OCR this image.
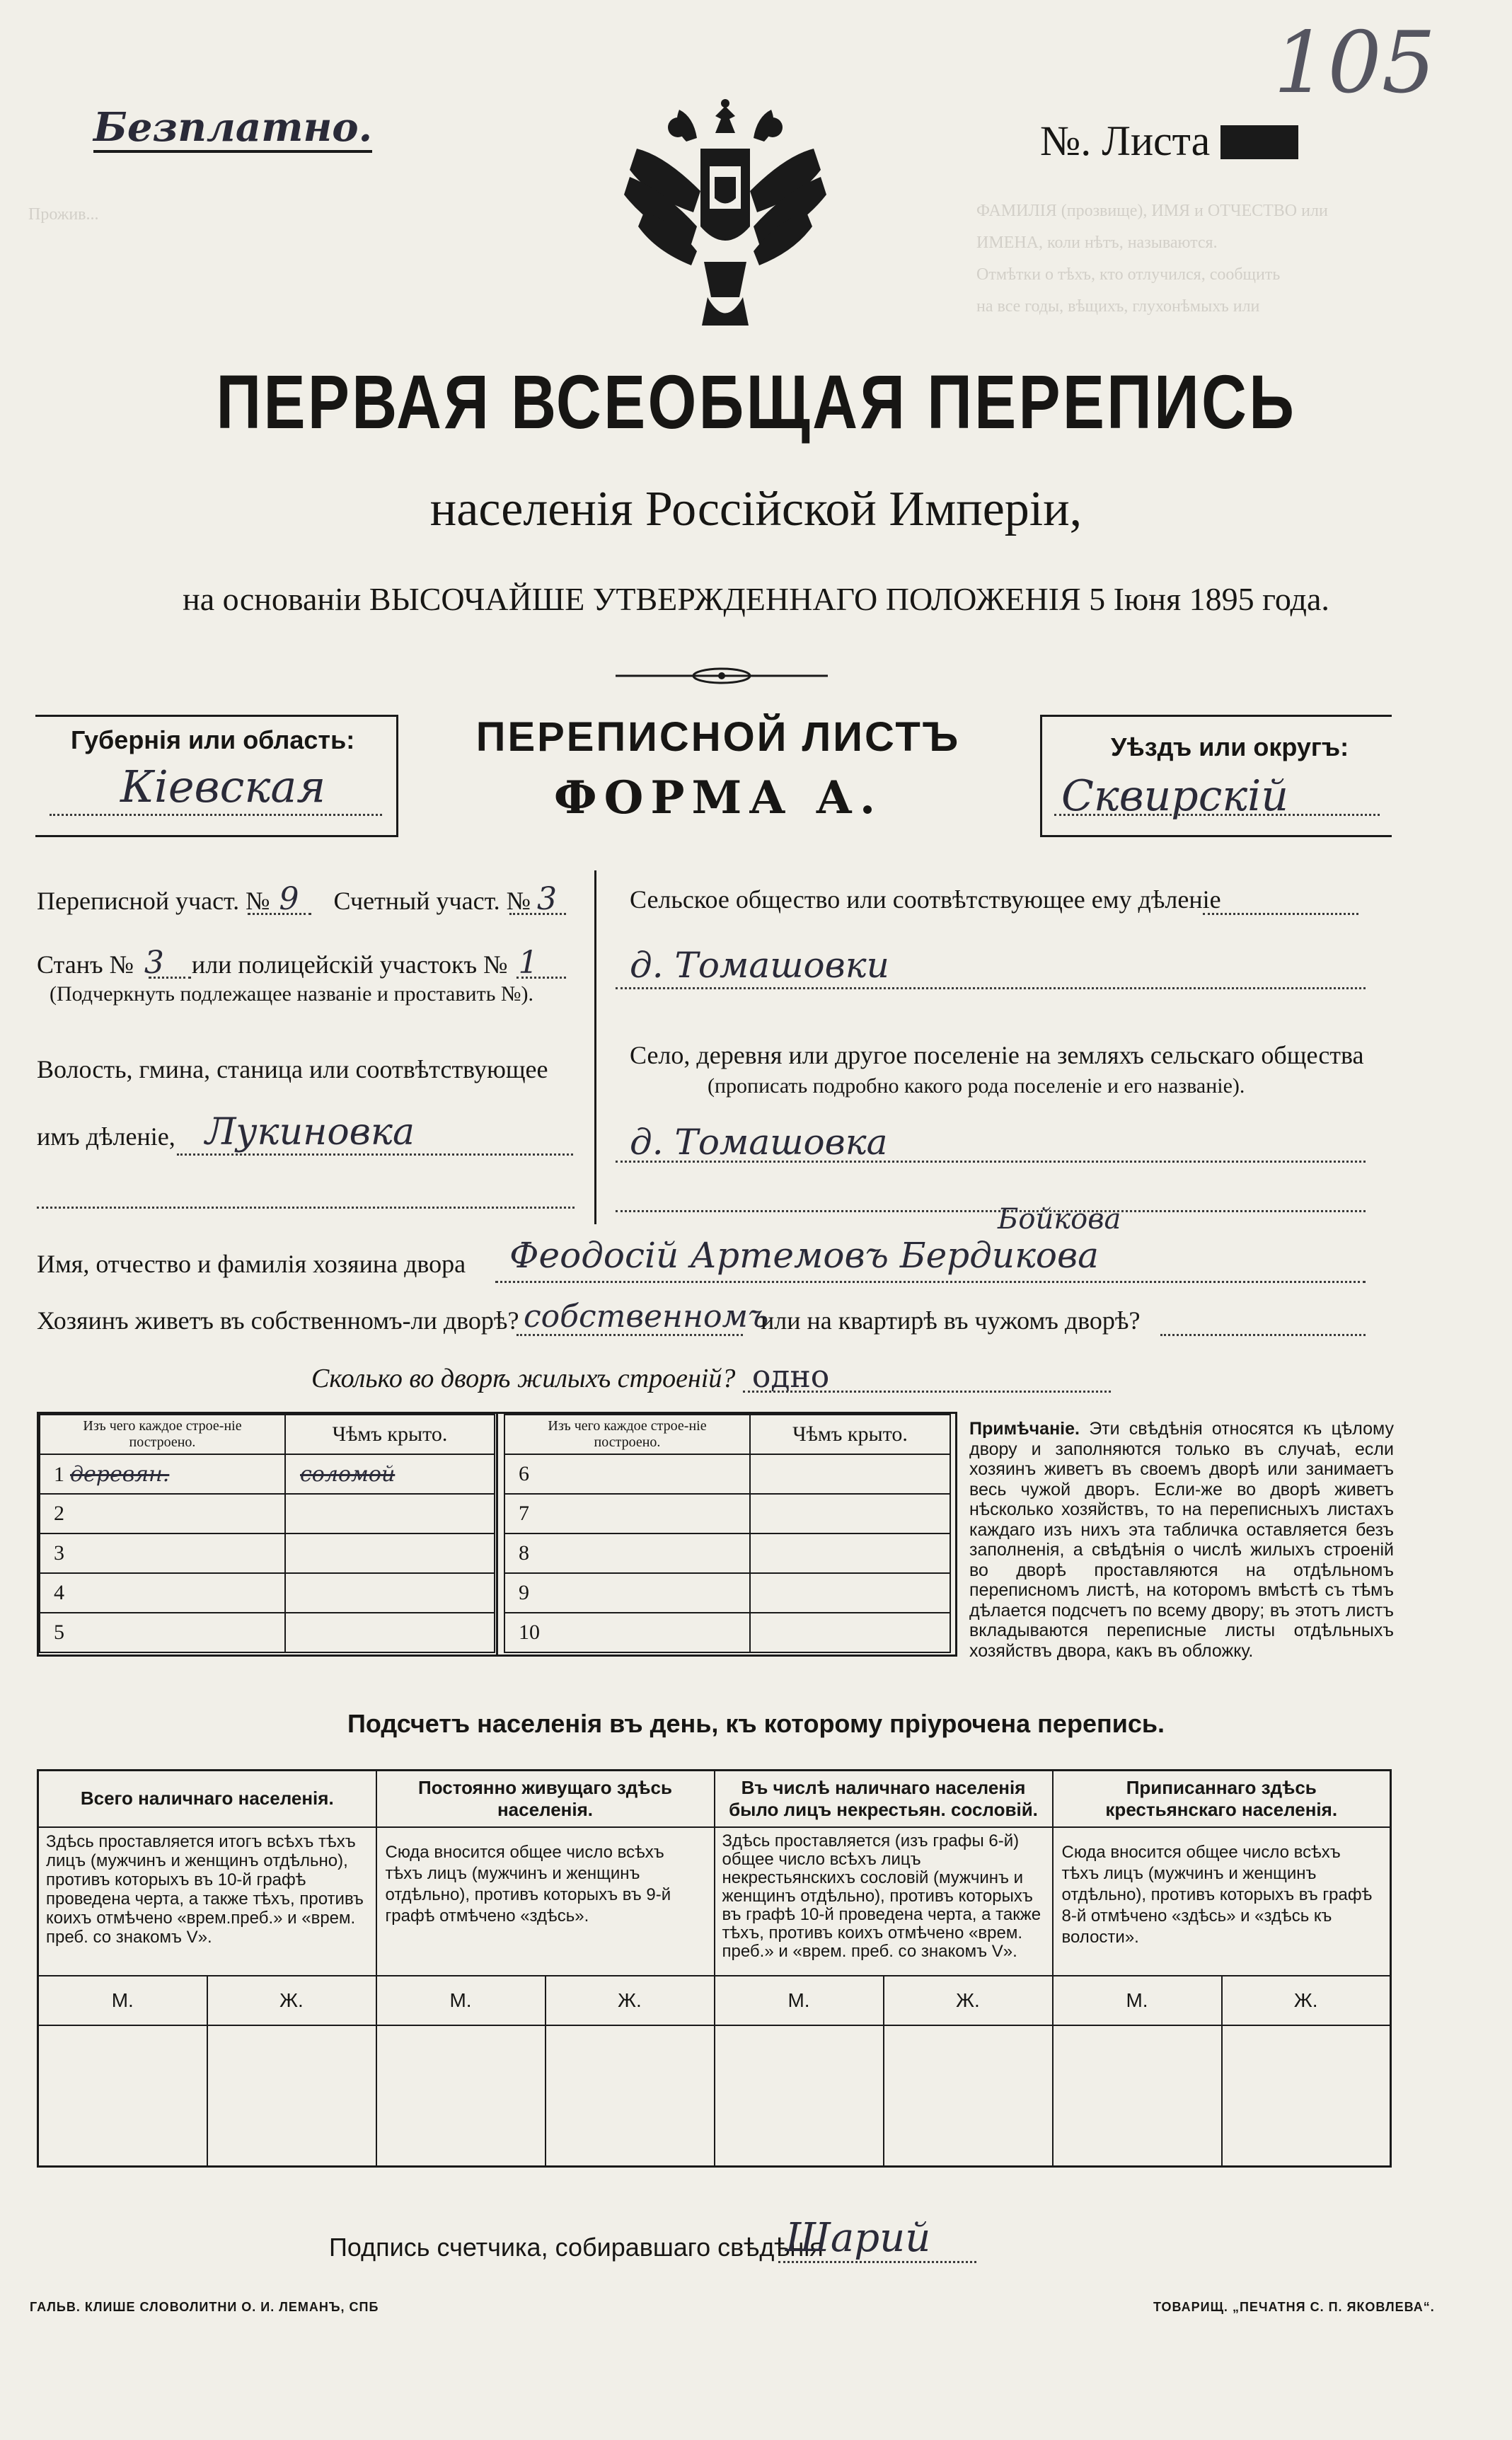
Прожив...	ФАМИЛІЯ (прозвище), ИМЯ и ОТЧЕСТВО или
ИМЕНА, коли нѣтъ, называются.
Отмѣтки о тѣхъ, кто отлучился, сообщить
на все годы, вѣщихъ, глухонѣмыхъ или
Безплатно.	№. Листа
105
ПЕРВАЯ ВСЕОБЩАЯ ПЕРЕПИСЬ
населенія Россійской Имперіи,
на основаніи ВЫСОЧАЙШЕ УТВЕРЖДЕННАГО ПОЛОЖЕНІЯ 5 Іюня 1895 года.
Губернія или область:
Кіевская
ПЕРЕПИСНОЙ ЛИСТЪ
ФОРМА А.
Уѣздъ или округъ:
Сквирскій
Переписной участ. № 9 Счетный участ. № 3
Станъ № 3 или полицейскій участокъ № 1
(Подчеркнуть подлежащее названіе и проставить №).
Волость, гмина, станица или соотвѣтствующее
имъ дѣленіе, Лукиновка
Сельское общество или соотвѣтствующее ему дѣленіе
д. Томашовки
Село, деревня или другое поселеніе на земляхъ сельскаго общества
(прописать подробно какого рода поселеніе и его названіе).
д. Томашовка
Бойкова
Имя, отчество и фамилія хозяина двора Феодосій Артемовъ Бердикова
Хозяинъ живетъ въ собственномъ-ли дворѣ? собственномъ
или на квартирѣ въ чужомъ дворѣ?
Сколько во дворѣ жилыхъ строеній? одно
Изъ чего каждое строе-ніе построено.	Чѣмъ крыто.
1 деревян.	соломой
2	
3	
4	
5	
Изъ чего каждое строе-ніе построено.	Чѣмъ крыто.
6	
7	
8	
9	
10	
Примѣчаніе. Эти свѣдѣнія относятся къ цѣлому двору и заполняются только въ случаѣ, если хозяинъ живетъ въ своемъ дворѣ или занимаетъ весь чужой дворъ. Если-же во дворѣ живетъ нѣсколько хозяйствъ, то на переписныхъ листахъ каждаго изъ нихъ эта табличка оставляется безъ заполненія, а свѣдѣнія о числѣ жилыхъ строеній во дворѣ проставляются на отдѣльномъ переписномъ листѣ, на которомъ вмѣстѣ съ тѣмъ дѣлается подсчетъ по всему двору; въ этотъ листъ вкладываются переписные листы отдѣльныхъ хозяйствъ двора, какъ въ обложку.
Подсчетъ населенія въ день, къ которому пріурочена перепись.
Всего наличнаго населенія.		Постоянно живущаго здѣсь населенія.		Въ числѣ наличнаго населенія было лицъ некрестьян. сословій.		Приписаннаго здѣсь крестьянскаго населенія.	
Здѣсь проставляется итогъ всѣхъ тѣхъ лицъ (мужчинъ и женщинъ отдѣльно), противъ которыхъ въ 10-й графѣ проведена черта, а также тѣхъ, противъ коихъ отмѣчено «врем.преб.» и «врем. преб. со знакомъ V».		Сюда вносится общее число всѣхъ тѣхъ лицъ (мужчинъ и женщинъ отдѣльно), противъ которыхъ въ 9-й графѣ отмѣчено «здѣсь».		Здѣсь проставляется (изъ графы 6-й) общее число всѣхъ лицъ некрестьянскихъ сословій (мужчинъ и женщинъ отдѣльно), противъ которыхъ въ графѣ 10-й проведена черта, а также тѣхъ, противъ коихъ отмѣчено «врем. преб.» и «врем. преб. со знакомъ V».		Сюда вносится общее число всѣхъ тѣхъ лицъ (мужчинъ и женщинъ отдѣльно), противъ которыхъ въ графѣ 8-й отмѣчено «здѣсь» и «здѣсь къ волости».	
М.	Ж.	М.	Ж.	М.	Ж.	М.	Ж.

Подпись счетчика, собиравшаго свѣдѣнія
Шарий
ГАЛЬВ. КЛИШЕ СЛОВОЛИТНИ О. И. ЛЕМАНЪ, СПБ	ТОВАРИЩ. „ПЕЧАТНЯ С. П. ЯКОВЛЕВА“.
